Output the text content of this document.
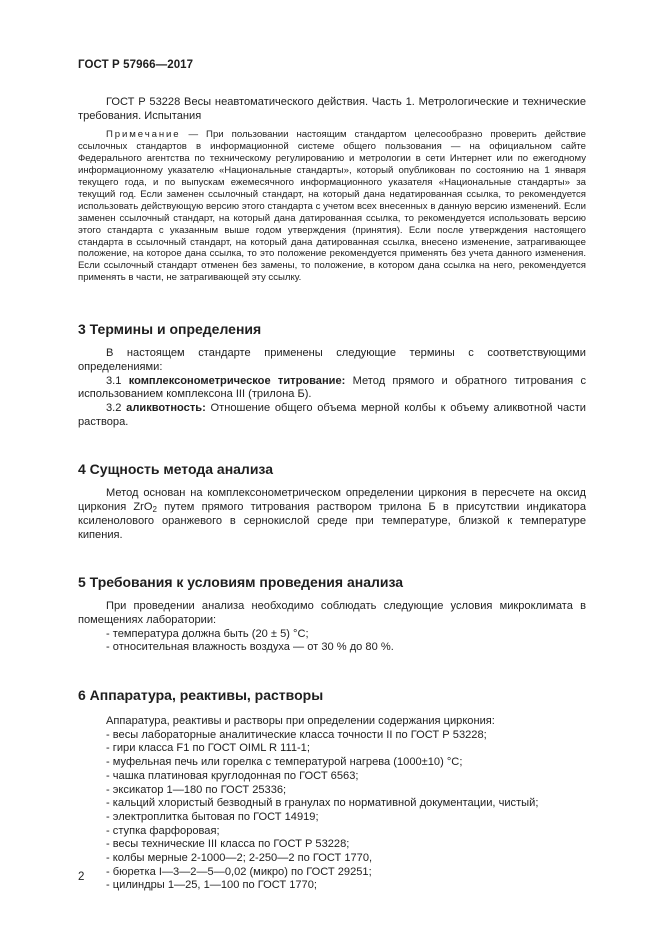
ГОСТ Р 57966—2017

ГОСТ Р 53228 Весы неавтоматического действия. Часть 1. Метрологические и технические требования. Испытания

Примечание — При пользовании настоящим стандартом целесообразно проверить действие ссылочных стандартов в информационной системе общего пользования — на официальном сайте Федерального агентства по техническому регулированию и метрологии в сети Интернет или по ежегодному информационному указателю «Национальные стандарты», который опубликован по состоянию на 1 января текущего года, и по выпускам ежемесячного информационного указателя «Национальные стандарты» за текущий год. Если заменен ссылочный стандарт, на который дана недатированная ссылка, то рекомендуется использовать действующую версию этого стандарта с учетом всех внесенных в данную версию изменений. Если заменен ссылочный стандарт, на который дана датированная ссылка, то рекомендуется использовать версию этого стандарта с указанным выше годом утверждения (принятия). Если после утверждения настоящего стандарта в ссылочный стандарт, на который дана датированная ссылка, внесено изменение, затрагивающее положение, на которое дана ссылка, то это положение рекомендуется применять без учета данного изменения. Если ссылочный стандарт отменен без замены, то положение, в котором дана ссылка на него, рекомендуется применять в части, не затрагивающей эту ссылку.

3 Термины и определения

В настоящем стандарте применены следующие термины с соответствующими определениями:

3.1 комплексонометрическое титрование: Метод прямого и обратного титрования с использованием комплексона III (трилона Б).

3.2 аликвотность: Отношение общего объема мерной колбы к объему аликвотной части раствора.

4 Сущность метода анализа

Метод основан на комплексонометрическом определении циркония в пересчете на оксид циркония ZrO$_2$ путем прямого титрования раствором трилона Б в присутствии индикатора ксиленолового оранжевого в сернокислой среде при температуре, близкой к температуре кипения.

5 Требования к условиям проведения анализа

При проведении анализа необходимо соблюдать следующие условия микроклимата в помещениях лаборатории:

- температура должна быть (20 ± 5) °С;

- относительная влажность воздуха — от 30 % до 80 %.

6 Аппаратура, реактивы, растворы

Аппаратура, реактивы и растворы при определении содержания циркония:

- весы лабораторные аналитические класса точности II по ГОСТ Р 53228;

- гири класса F1 по ГОСТ OIML R 111-1;

- муфельная печь или горелка с температурой нагрева (1000±10) °С;

- чашка платиновая круглодонная по ГОСТ 6563;

- эксикатор 1—180 по ГОСТ 25336;

- кальций хлористый безводный в гранулах по нормативной документации, чистый;

- электроплитка бытовая по ГОСТ 14919;

- ступка фарфоровая;

- весы технические III класса по ГОСТ Р 53228;

- колбы мерные 2-1000—2; 2-250—2 по ГОСТ 1770,

- бюретка I—3—2—5—0,02 (микро) по ГОСТ 29251;

- цилиндры 1—25, 1—100 по ГОСТ 1770;

2
